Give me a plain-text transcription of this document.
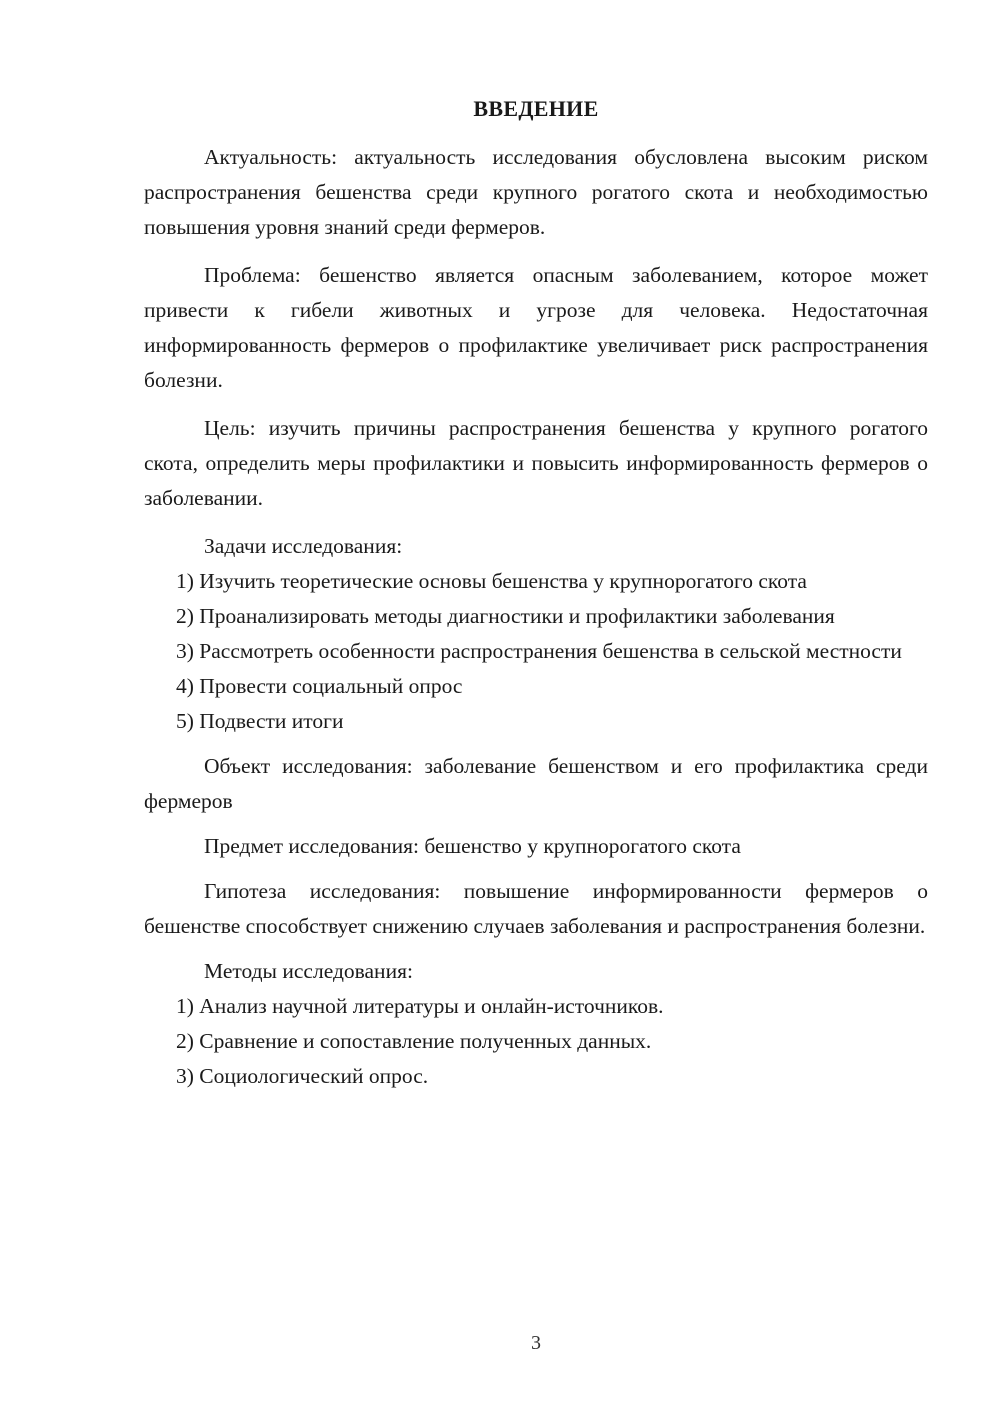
ВВЕДЕНИЕ

Актуальность: актуальность исследования обусловлена высоким риском распространения бешенства среди крупного рогатого скота и необходимостью повышения уровня знаний среди фермеров.

Проблема: бешенство является опасным заболеванием, которое может привести к гибели животных и угрозе для человека. Недостаточная информированность фермеров о профилактике увеличивает риск распространения болезни.

Цель: изучить причины распространения бешенства у крупного рогатого скота, определить меры профилактики и повысить информированность фермеров о заболевании.

Задачи исследования:

1) Изучить теоретические основы бешенства у крупнорогатого скота

2) Проанализировать методы диагностики и профилактики заболевания

3) Рассмотреть особенности распространения бешенства в сельской местности

4) Провести социальный опрос

5) Подвести итоги

Объект исследования: заболевание бешенством и его профилактика среди фермеров

Предмет исследования: бешенство у крупнорогатого скота

Гипотеза исследования: повышение информированности фермеров о бешенстве способствует снижению случаев заболевания и распространения болезни.

Методы исследования:

1) Анализ научной литературы и онлайн-источников.

2) Сравнение и сопоставление полученных данных.

3) Социологический опрос.

3
